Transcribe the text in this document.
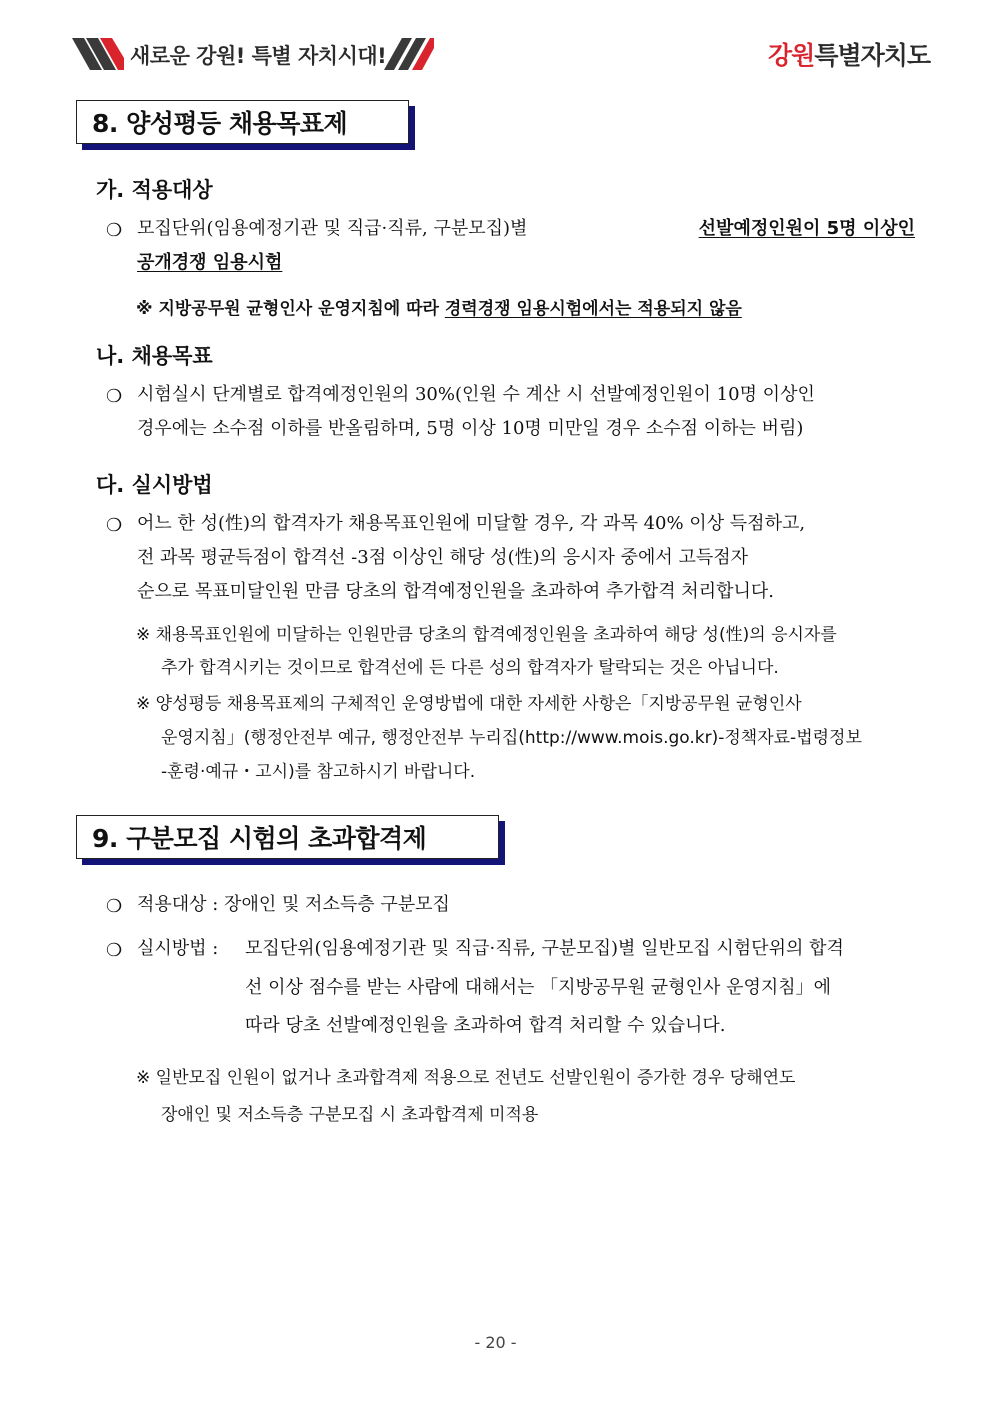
새로운 강원! 특별 자치시대!	강원특별자치도
8. 양성평등 채용목표제
가. 적용대상
❍ 모집단위(임용예정기관 및 직급·직류, 구분모집)별	선발예정인원이 5명 이상인
공개경쟁 임용시험
※ 지방공무원 균형인사 운영지침에 따라 경력경쟁 임용시험에서는 적용되지 않음
나. 채용목표
❍ 시험실시 단계별로 합격예정인원의 30%(인원 수 계산 시 선발예정인원이 10명 이상인
경우에는 소수점 이하를 반올림하며, 5명 이상 10명 미만일 경우 소수점 이하는 버림)
다. 실시방법
❍ 어느 한 성(性)의 합격자가 채용목표인원에 미달할 경우, 각 과목 40% 이상 득점하고,
전 과목 평균득점이 합격선 -3점 이상인 해당 성(性)의 응시자 중에서 고득점자
순으로 목표미달인원 만큼 당초의 합격예정인원을 초과하여 추가합격 처리합니다.
※ 채용목표인원에 미달하는 인원만큼 당초의 합격예정인원을 초과하여 해당 성(性)의 응시자를
추가 합격시키는 것이므로 합격선에 든 다른 성의 합격자가 탈락되는 것은 아닙니다.
※ 양성평등 채용목표제의 구체적인 운영방법에 대한 자세한 사항은「지방공무원 균형인사
운영지침」(행정안전부 예규, 행정안전부 누리집(http://www.mois.go.kr)-정책자료-법령정보
-훈령·예규・고시)를 참고하시기 바랍니다.
9. 구분모집 시험의 초과합격제
❍ 적용대상 : 장애인 및 저소득층 구분모집
❍ 실시방법 : 모집단위(임용예정기관 및 직급·직류, 구분모집)별 일반모집 시험단위의 합격
선 이상 점수를 받는 사람에 대해서는 「지방공무원 균형인사 운영지침」에
따라 당초 선발예정인원을 초과하여 합격 처리할 수 있습니다.
※ 일반모집 인원이 없거나 초과합격제 적용으로 전년도 선발인원이 증가한 경우 당해연도
장애인 및 저소득층 구분모집 시 초과합격제 미적용
- 20 -
